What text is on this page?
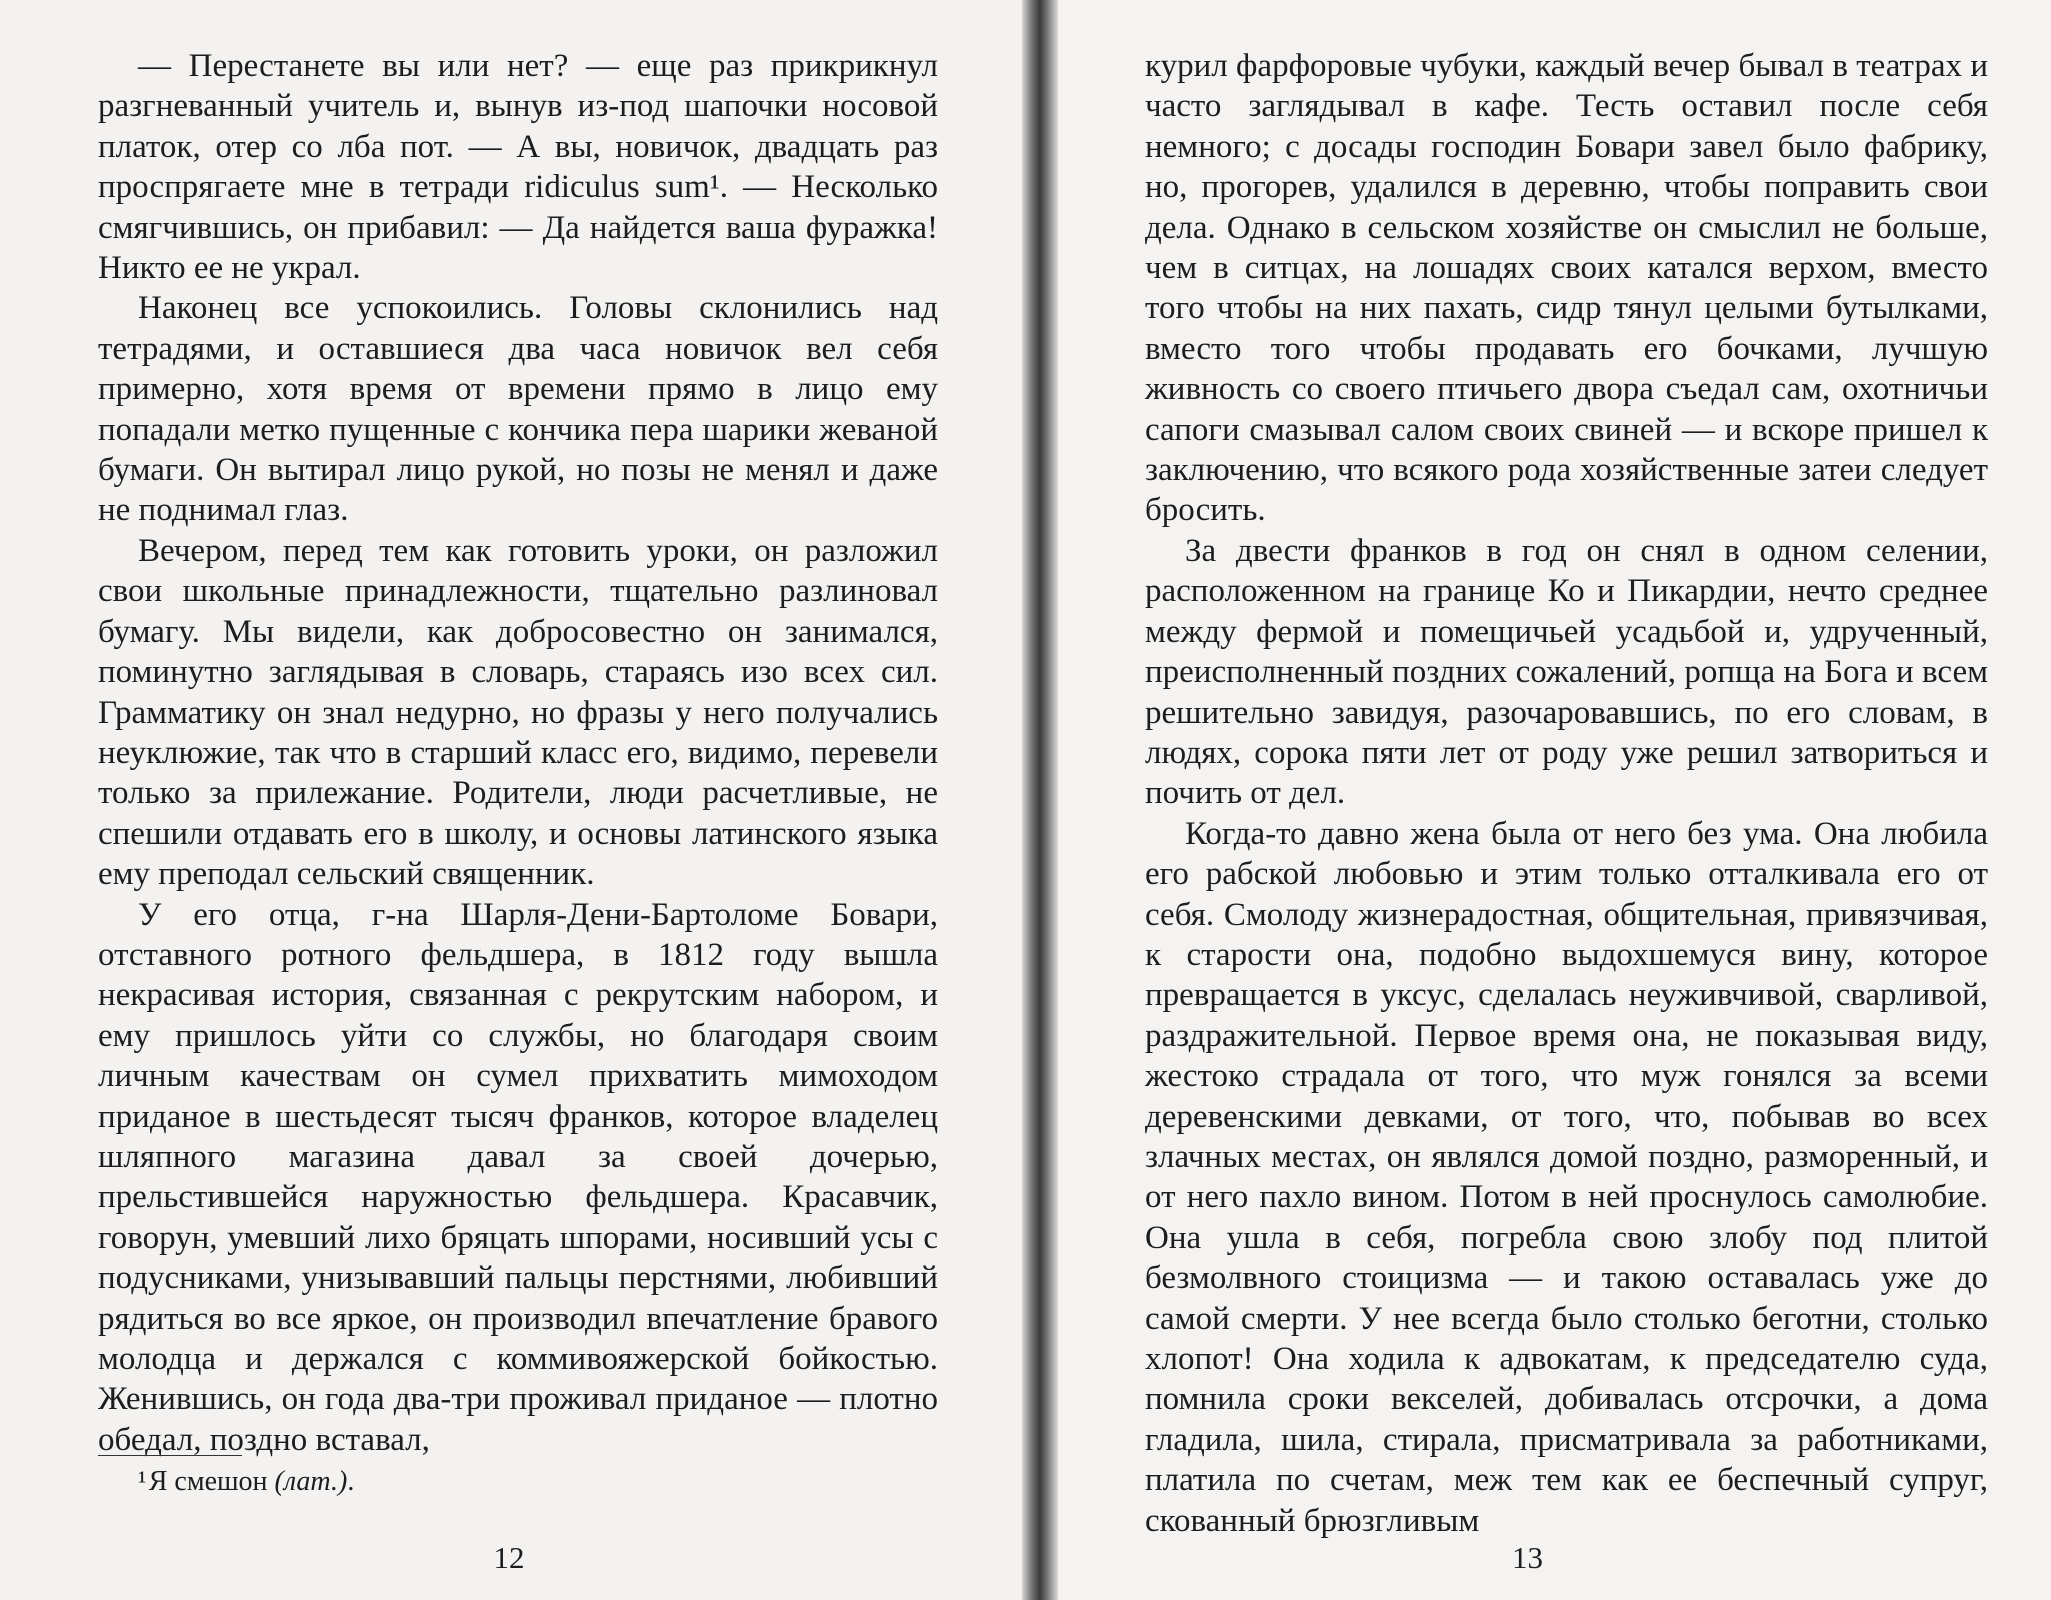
— Перестанете вы или нет? — еще раз прикрикнул разгневанный учитель и, вынув из-под шапочки носовой платок, отер со лба пот. — А вы, новичок, двадцать раз проспрягаете мне в тетради ridiculus sum¹. — Несколько смягчившись, он прибавил: — Да найдется ваша фуражка! Никто ее не украл.

Наконец все успокоились. Головы склонились над тетрадями, и оставшиеся два часа новичок вел себя примерно, хотя время от времени прямо в лицо ему попадали метко пущенные с кончика пера шарики жеваной бумаги. Он вытирал лицо рукой, но позы не менял и даже не поднимал глаз.

Вечером, перед тем как готовить уроки, он разложил свои школьные принадлежности, тщательно разлиновал бумагу. Мы видели, как добросовестно он занимался, поминутно заглядывая в словарь, стараясь изо всех сил. Грамматику он знал недурно, но фразы у него получались неуклюжие, так что в старший класс его, видимо, перевели только за прилежание. Родители, люди расчетливые, не спешили отдавать его в школу, и основы латинского языка ему преподал сельский священник.

У его отца, г-на Шарля-Дени-Бартоломе Бовари, отставного ротного фельдшера, в 1812 году вышла некрасивая история, связанная с рекрутским набором, и ему пришлось уйти со службы, но благодаря своим личным качествам он сумел прихватить мимоходом приданое в шестьдесят тысяч франков, которое владелец шляпного магазина давал за своей дочерью, прельстившейся наружностью фельдшера. Красавчик, говорун, умевший лихо бряцать шпорами, носивший усы с подусниками, унизывавший пальцы перстнями, любивший рядиться во все яркое, он производил впечатление бравого молодца и держался с коммивояжерской бойкостью. Женившись, он года два-три проживал приданое — плотно обедал, поздно вставал,

¹ Я смешон (лат.).
12

курил фарфоровые чубуки, каждый вечер бывал в театрах и часто заглядывал в кафе. Тесть оставил после себя немного; с досады господин Бовари завел было фабрику, но, прогорев, удалился в деревню, чтобы поправить свои дела. Однако в сельском хозяйстве он смыслил не больше, чем в ситцах, на лошадях своих катался верхом, вместо того чтобы на них пахать, сидр тянул целыми бутылками, вместо того чтобы продавать его бочками, лучшую живность со своего птичьего двора съедал сам, охотничьи сапоги смазывал салом своих свиней — и вскоре пришел к заключению, что всякого рода хозяйственные затеи следует бросить.

За двести франков в год он снял в одном селении, расположенном на границе Ко и Пикардии, нечто среднее между фермой и помещичьей усадьбой и, удрученный, преисполненный поздних сожалений, ропща на Бога и всем решительно завидуя, разочаровавшись, по его словам, в людях, сорока пяти лет от роду уже решил затвориться и почить от дел.

Когда-то давно жена была от него без ума. Она любила его рабской любовью и этим только отталкивала его от себя. Смолоду жизнерадостная, общительная, привязчивая, к старости она, подобно выдохшемуся вину, которое превращается в уксус, сделалась неуживчивой, сварливой, раздражительной. Первое время она, не показывая виду, жестоко страдала от того, что муж гонялся за всеми деревенскими девками, от того, что, побывав во всех злачных местах, он являлся домой поздно, разморенный, и от него пахло вином. Потом в ней проснулось самолюбие. Она ушла в себя, погребла свою злобу под плитой безмолвного стоицизма — и такою оставалась уже до самой смерти. У нее всегда было столько беготни, столько хлопот! Она ходила к адвокатам, к председателю суда, помнила сроки векселей, добивалась отсрочки, а дома гладила, шила, стирала, присматривала за работниками, платила по счетам, меж тем как ее беспечный супруг, скованный брюзгливым

13
